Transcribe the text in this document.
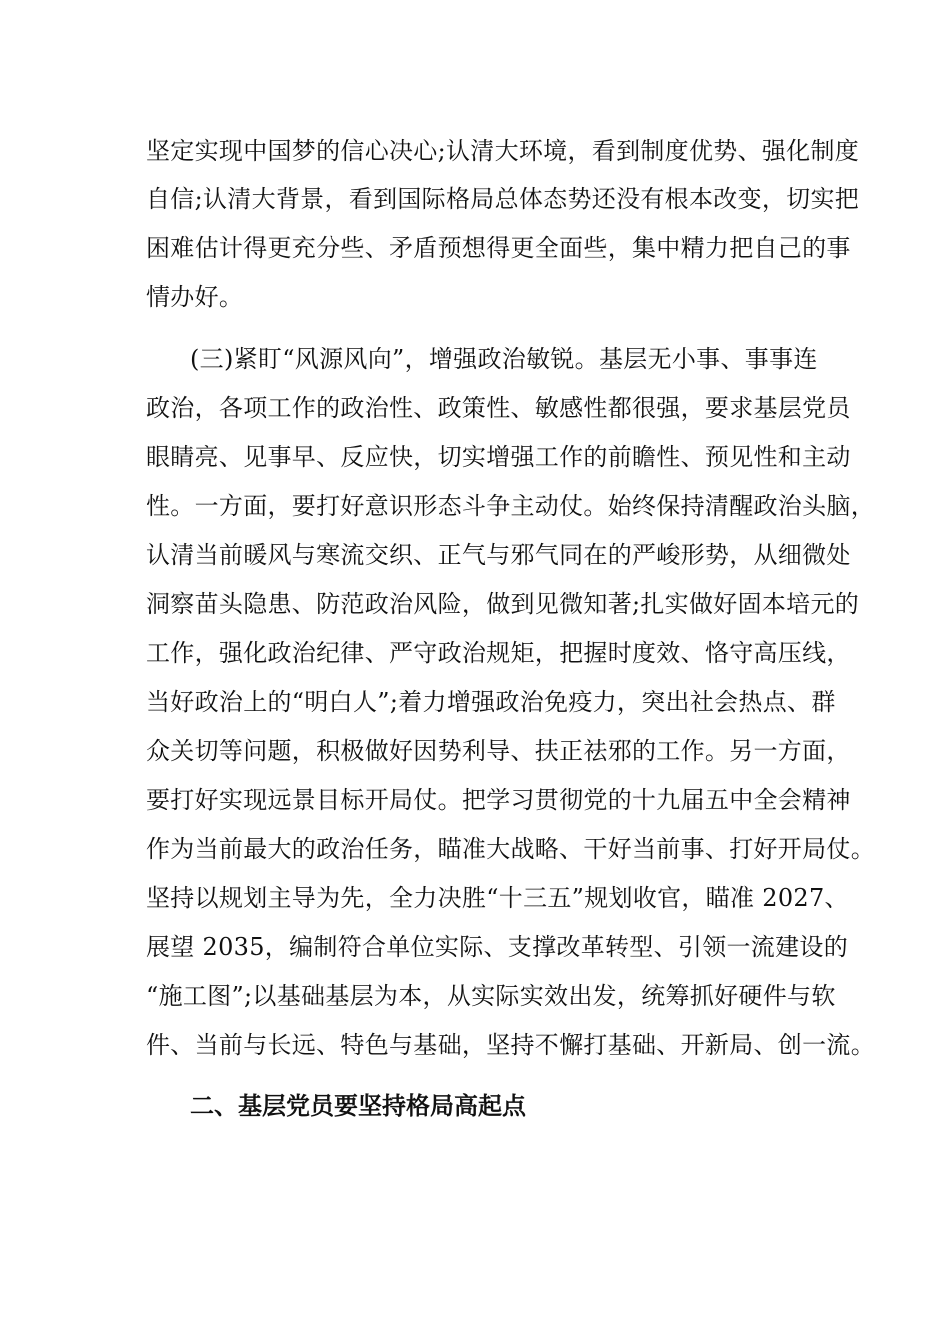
坚定实现中国梦的信心决心;认清大环境，看到制度优势、强化制度
自信;认清大背景，看到国际格局总体态势还没有根本改变，切实把
困难估计得更充分些、矛盾预想得更全面些，集中精力把自己的事
情办好。
(三)紧盯“风源风向”，增强政治敏锐。基层无小事、事事连
政治，各项工作的政治性、政策性、敏感性都很强，要求基层党员
眼睛亮、见事早、反应快，切实增强工作的前瞻性、预见性和主动
性。一方面，要打好意识形态斗争主动仗。始终保持清醒政治头脑，
认清当前暖风与寒流交织、正气与邪气同在的严峻形势，从细微处
洞察苗头隐患、防范政治风险，做到见微知著;扎实做好固本培元的
工作，强化政治纪律、严守政治规矩，把握时度效、恪守高压线，
当好政治上的“明白人”;着力增强政治免疫力，突出社会热点、群
众关切等问题，积极做好因势利导、扶正祛邪的工作。另一方面，
要打好实现远景目标开局仗。把学习贯彻党的十九届五中全会精神
作为当前最大的政治任务，瞄准大战略、干好当前事、打好开局仗。
坚持以规划主导为先，全力决胜“十三五”规划收官，瞄准 2027、
展望 2035，编制符合单位实际、支撑改革转型、引领一流建设的
“施工图”;以基础基层为本，从实际实效出发，统筹抓好硬件与软
件、当前与长远、特色与基础，坚持不懈打基础、开新局、创一流。
二、基层党员要坚持格局高起点
